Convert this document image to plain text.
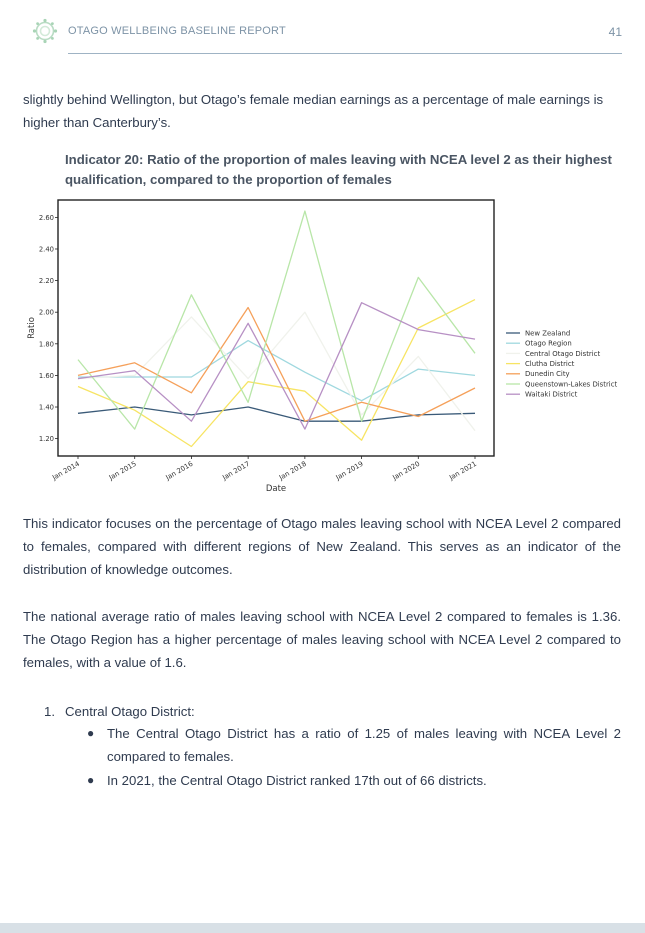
OTAGO WELLBEING BASELINE REPORT	41

slightly behind Wellington, but Otago’s female median earnings as a percentage of male earnings is higher than Canterbury’s.

Indicator 20: Ratio of the proportion of males leaving with NCEA level 2 as their highest qualification, compared to the proportion of females

1.20
1.40
1.60
1.80
2.00
2.20
2.40
2.60
Jan 2014	Jan 2015	Jan 2016	Jan 2017	Jan 2018	Jan 2019	Jan 2020	Jan 2021
Date
Ratio	New Zealand
Otago Region
Central Otago District
Clutha District
Dunedin City
Queenstown-Lakes District
Waitaki District

This indicator focuses on the percentage of Otago males leaving school with NCEA Level 2 compared to females, compared with different regions of New Zealand. This serves as an indicator of the distribution of knowledge outcomes.

The national average ratio of males leaving school with NCEA Level 2 compared to females is 1.36. The Otago Region has a higher percentage of males leaving school with NCEA Level 2 compared to females, with a value of 1.6.

1. Central Otago District:
● The Central Otago District has a ratio of 1.25 of males leaving with NCEA Level 2 compared to females.

● In 2021, the Central Otago District ranked 17th out of 66 districts.
